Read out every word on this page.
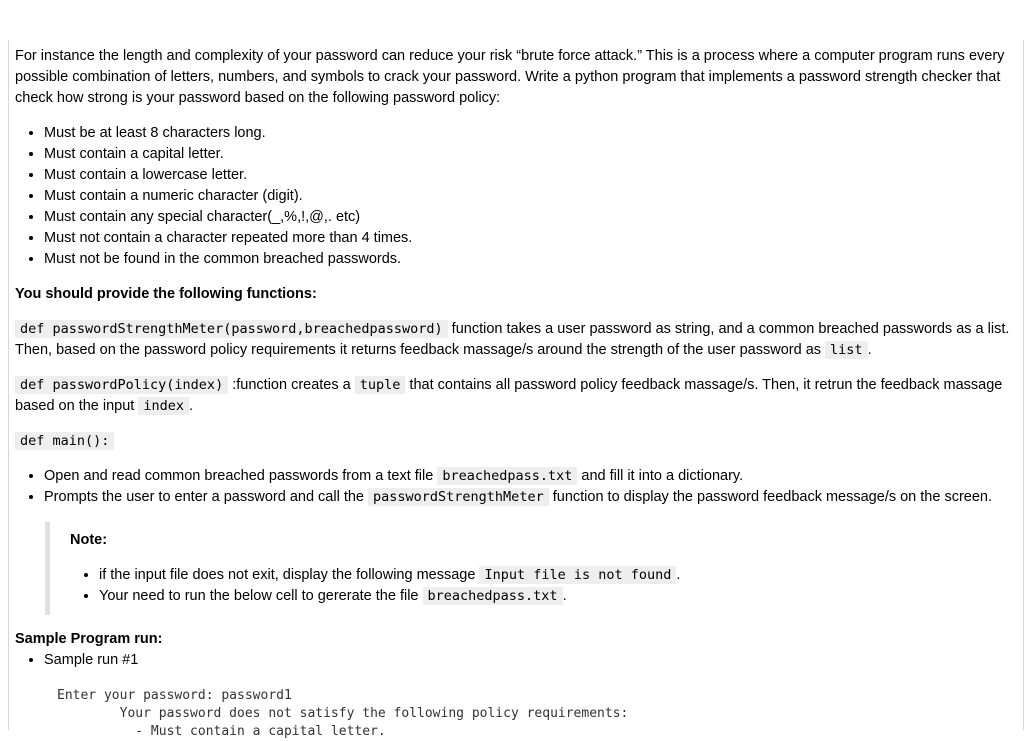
For instance the length and complexity of your password can reduce your risk “brute force attack.” This is a process where a computer program runs every possible combination of letters, numbers, and symbols to crack your password. Write a python program that implements a password strength checker that check how strong is your password based on the following password policy:

• Must be at least 8 characters long.
• Must contain a capital letter.
• Must contain a lowercase letter.
• Must contain a numeric character (digit).
• Must contain any special character(_,%,!,@,. etc)
• Must not contain a character repeated more than 4 times.
• Must not be found in the common breached passwords.

You should provide the following functions:

def passwordStrengthMeter(password,breachedpassword) function takes a user password as string, and a common breached passwords as a list. Then, based on the password policy requirements it returns feedback massage/s around the strength of the user password as list .

def passwordPolicy(index) :function creates a tuple that contains all password policy feedback massage/s. Then, it retrun the feedback massage based on the input index .

def main():

• Open and read common breached passwords from a text file breachedpass.txt and fill it into a dictionary.
• Prompts the user to enter a password and call the passwordStrengthMeter function to display the password feedback message/s on the screen.

Note:

• if the input file does not exit, display the following message Input file is not found .
• Your need to run the below cell to gererate the file breachedpass.txt .

Sample Program run:

• Sample run #1
Enter your password: password1
Your password does not satisfy the following policy requirements:
- Must contain a capital letter.
